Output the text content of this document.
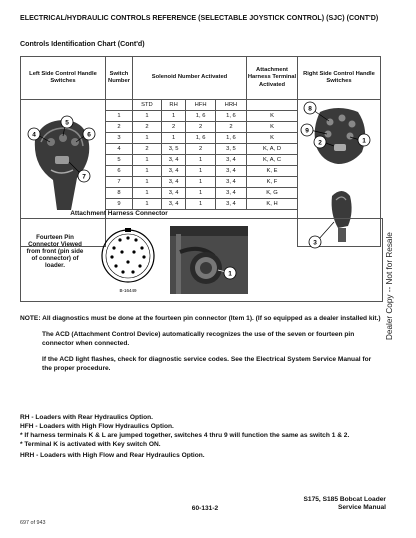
ELECTRICAL/HYDRAULIC CONTROLS REFERENCE (SELECTABLE JOYSTICK CONTROL) (SJC) (CONT'D)
Controls Identification Chart (Cont'd)
Left Side Control Handle Switches	Switch Number	Solenoid Number Activated				Attachment Harness Terminal Activated	Right Side Control Handle Switches

4
5
6
7		STD	RH	HFH	HRH		8
9
2 1
3

	1	1	1	1, 6	1, 6	K	
	2	2	2	2	2	K	
	3	1	1	1, 6	1, 6	K	
	4	2	3, 5	2	3, 5	K, A, D	
	5	1	3, 4	1	3, 4	K, A, C	
	6	1	3, 4	1	3, 4	K, E	
	7	1	3, 4	1	3, 4	K, F	
	8	1	3, 4	1	3, 4	K, G	
	9	1	3, 4	1	3, 4	K, H	

Attachment Harness Connector
Fourteen Pin Connector Viewed from front (pin side of connector) of loader.
B-16449
1

NOTE: All diagnostics must be done at the fourteen pin connector (Item 1). (If so equipped as a dealer installed kit.)

The ACD (Attachment Control Device) automatically recognizes the use of the seven or fourteen pin connector when connected.

If the ACD light flashes, check for diagnostic service codes. See the Electrical System Service Manual for the proper procedure.

RH - Loaders with Rear Hydraulics Option.
HFH - Loaders with High Flow Hydraulics Option.
* If harness terminals K & L are jumped together, switches 4 thru 9 will function the same as switch 1 & 2.
* Terminal K is activated with Key switch ON.
HRH - Loaders with High Flow and Rear Hydraulics Option.
Dealer Copy -- Not for Resale
S175, S185 Bobcat Loader
Service Manual
60-131-2
697 of 943
